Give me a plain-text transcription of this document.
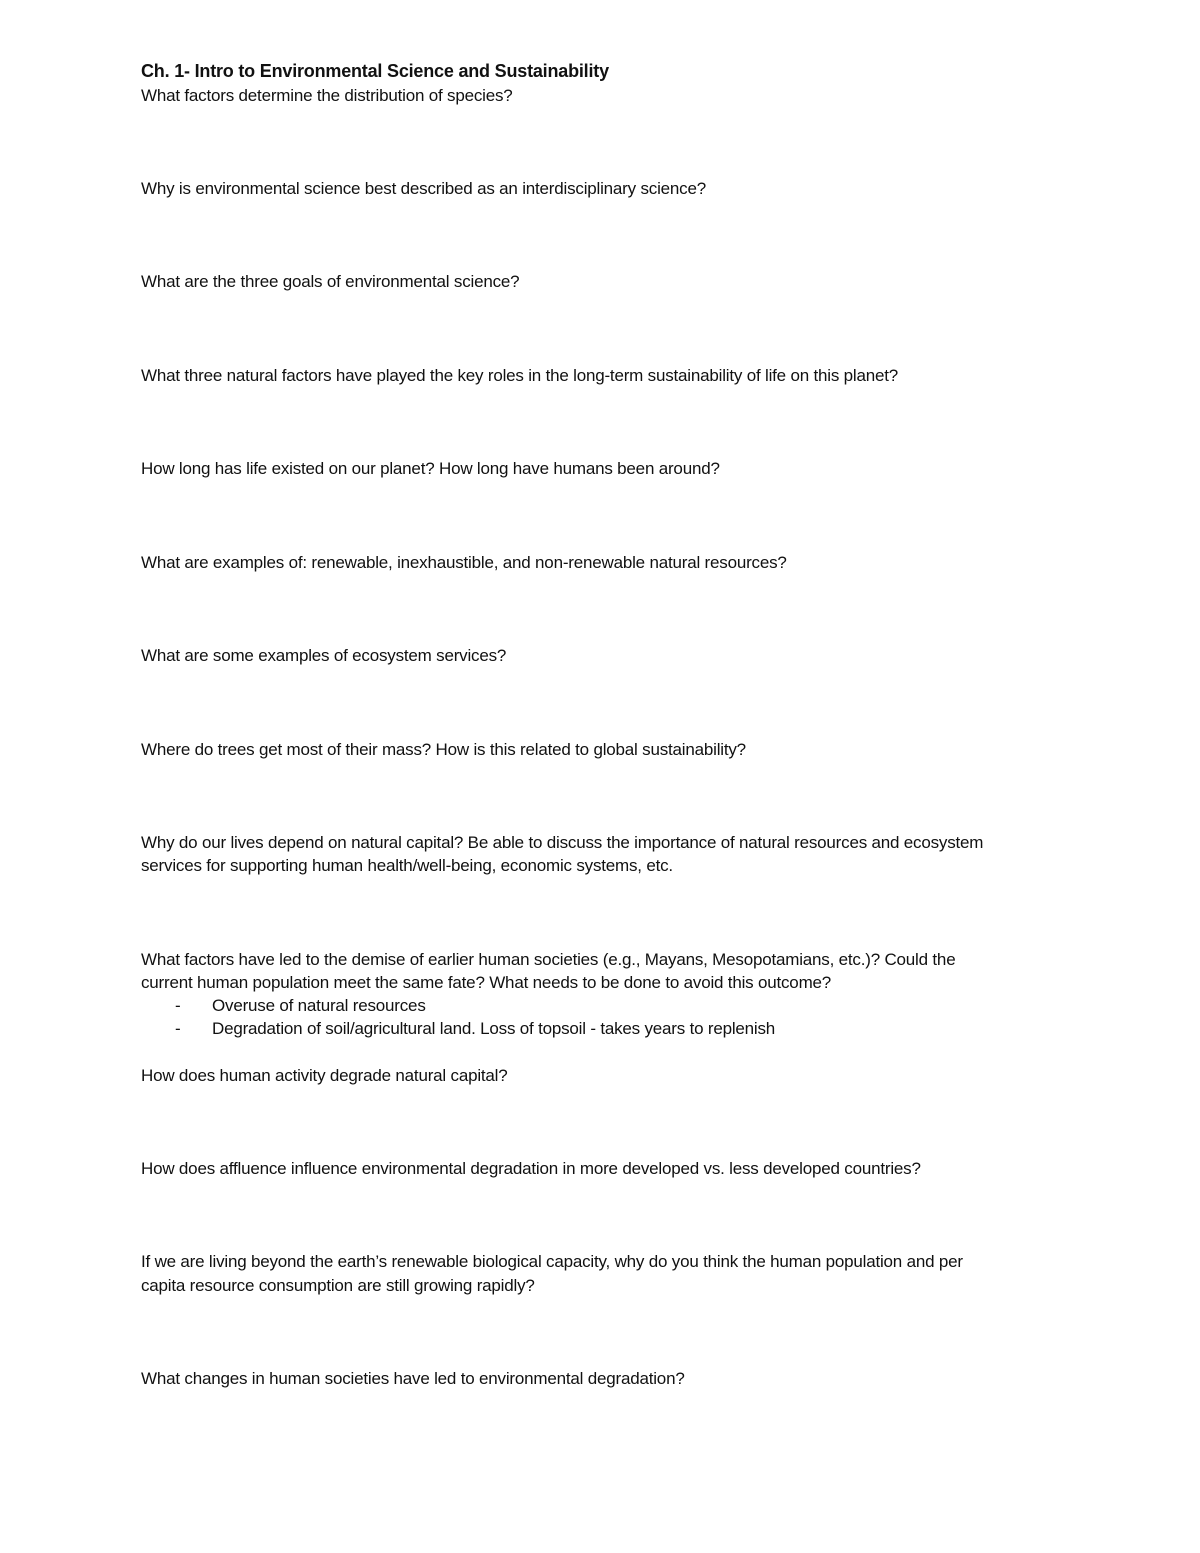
Ch. 1- Intro to Environmental Science and Sustainability
What factors determine the distribution of species?
Why is environmental science best described as an interdisciplinary science?
What are the three goals of environmental science?
What three natural factors have played the key roles in the long-term sustainability of life on this planet?
How long has life existed on our planet? How long have humans been around?
What are examples of: renewable, inexhaustible, and non-renewable natural resources?
What are some examples of ecosystem services?
Where do trees get most of their mass? How is this related to global sustainability?
Why do our lives depend on natural capital? Be able to discuss the importance of natural resources and ecosystem
services for supporting human health/well-being, economic systems, etc.
What factors have led to the demise of earlier human societies (e.g., Mayans, Mesopotamians, etc.)? Could the
current human population meet the same fate? What needs to be done to avoid this outcome?
- Overuse of natural resources
- Degradation of soil/agricultural land. Loss of topsoil - takes years to replenish
How does human activity degrade natural capital?
How does affluence influence environmental degradation in more developed vs. less developed countries?
If we are living beyond the earth’s renewable biological capacity, why do you think the human population and per
capita resource consumption are still growing rapidly?
What changes in human societies have led to environmental degradation?
